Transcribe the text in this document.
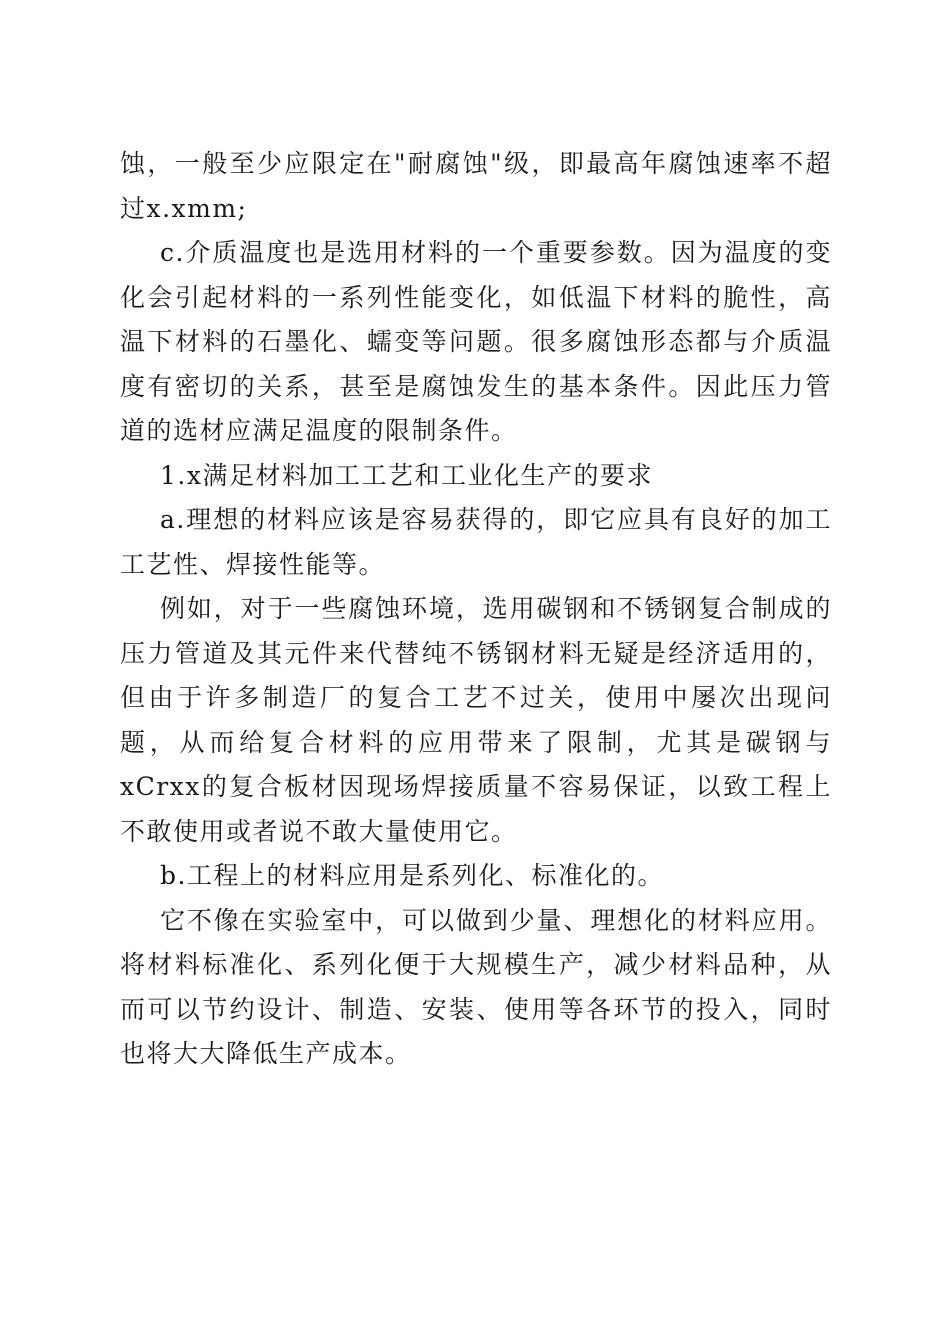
蚀，一般至少应限定在"耐腐蚀"级，即最高年腐蚀速率不超过x.xmm;

c.介质温度也是选用材料的一个重要参数。因为温度的变化会引起材料的一系列性能变化，如低温下材料的脆性，高温下材料的石墨化、蠕变等问题。很多腐蚀形态都与介质温度有密切的关系，甚至是腐蚀发生的基本条件。因此压力管道的选材应满足温度的限制条件。

1.x满足材料加工工艺和工业化生产的要求

a.理想的材料应该是容易获得的，即它应具有良好的加工工艺性、焊接性能等。

例如，对于一些腐蚀环境，选用碳钢和不锈钢复合制成的压力管道及其元件来代替纯不锈钢材料无疑是经济适用的，但由于许多制造厂的复合工艺不过关，使用中屡次出现问题，从而给复合材料的应用带来了限制，尤其是碳钢与xCrxx的复合板材因现场焊接质量不容易保证，以致工程上不敢使用或者说不敢大量使用它。

b.工程上的材料应用是系列化、标准化的。

它不像在实验室中，可以做到少量、理想化的材料应用。将材料标准化、系列化便于大规模生产，减少材料品种，从而可以节约设计、制造、安装、使用等各环节的投入，同时也将大大降低生产成本。
